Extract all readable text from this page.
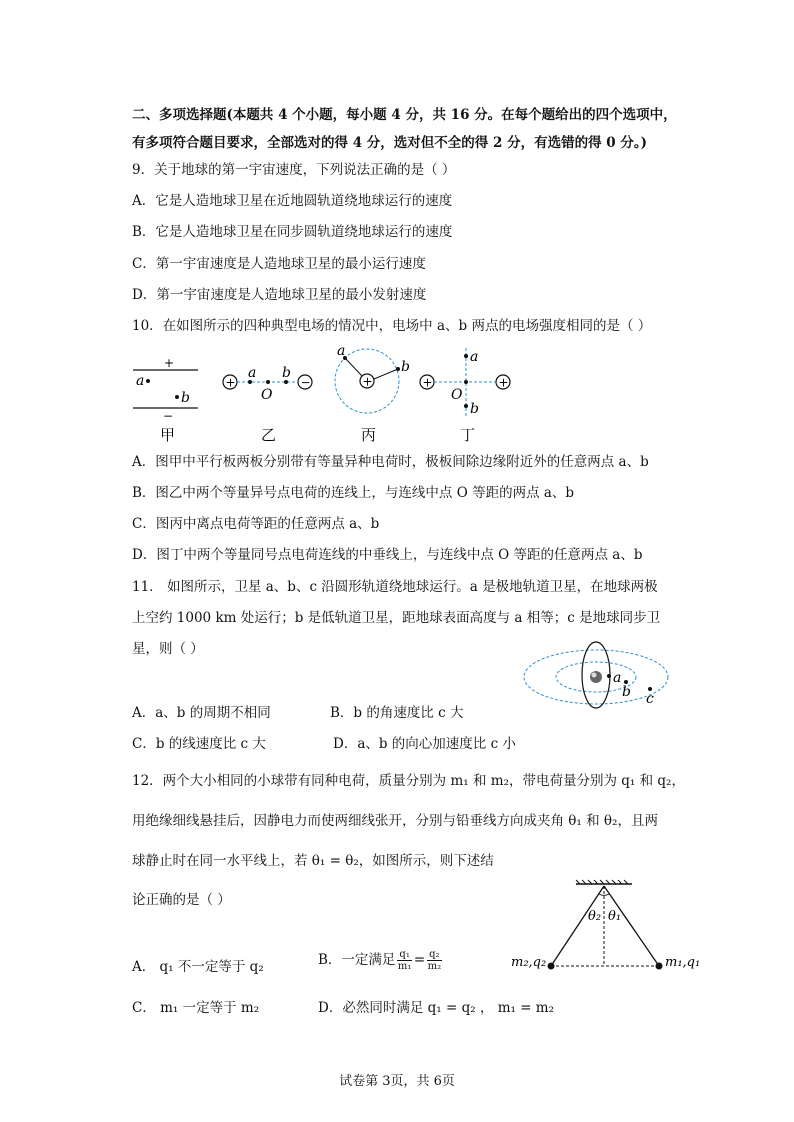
二、多项选择题(本题共 4 个小题，每小题 4 分，共 16 分。在每个题给出的四个选项中，
有多项符合题目要求，全部选对的得 4 分，选对但不全的得 2 分，有选错的得 0 分。)
9．关于地球的第一宇宙速度，下列说法正确的是（ ）
A．它是人造地球卫星在近地圆轨道绕地球运行的速度
B．它是人造地球卫星在同步圆轨道绕地球运行的速度
C．第一宇宙速度是人造地球卫星的最小运行速度
D．第一宇宙速度是人造地球卫星的最小发射速度
10．在如图所示的四种典型电场的情况中，电场中 a、b 两点的电场强度相同的是（ ）
+
−
a
b
甲
+	−
a b
O
乙
+
a
b
丙
+	+
a
b
O
丁
a
b c
θ₂ θ₁
m₂,q₂	m₁,q₁
A．图甲中平行板两板分别带有等量异种电荷时，极板间除边缘附近外的任意两点 a、b
B．图乙中两个等量异号点电荷的连线上，与连线中点 O 等距的两点 a、b
C．图丙中离点电荷等距的任意两点 a、b
D．图丁中两个等量同号点电荷连线的中垂线上，与连线中点 O 等距的任意两点 a、b
11． 如图所示，卫星 a、b、c 沿圆形轨道绕地球运行。a 是极地轨道卫星，在地球两极
上空约 1000 km 处运行；b 是低轨道卫星，距地球表面高度与 a 相等；c 是地球同步卫
星，则（ ）
A．a、b 的周期不相同	B．b 的角速度比 c 大
C．b 的线速度比 c 大	D．a、b 的向心加速度比 c 小
12．两个大小相同的小球带有同种电荷，质量分别为 m₁ 和 m₂，带电荷量分别为 q₁ 和 q₂，
用绝缘细线悬挂后，因静电力而使两细线张开，分别与铅垂线方向成夹角 θ₁ 和 θ₂，且两
球静止时在同一水平线上，若 θ₁ = θ₂，如图所示，则下述结
论正确的是（ ）
A． q₁ 不一定等于 q₂	B．一定满足 $\frac{\text{q₁}}{\text{m₁}} = \frac{\text{q₂}}{\text{m₂}}$
C． m₁ 一定等于 m₂	D．必然同时满足 q₁ = q₂ ， m₁ = m₂
试卷第 3页，共 6页
